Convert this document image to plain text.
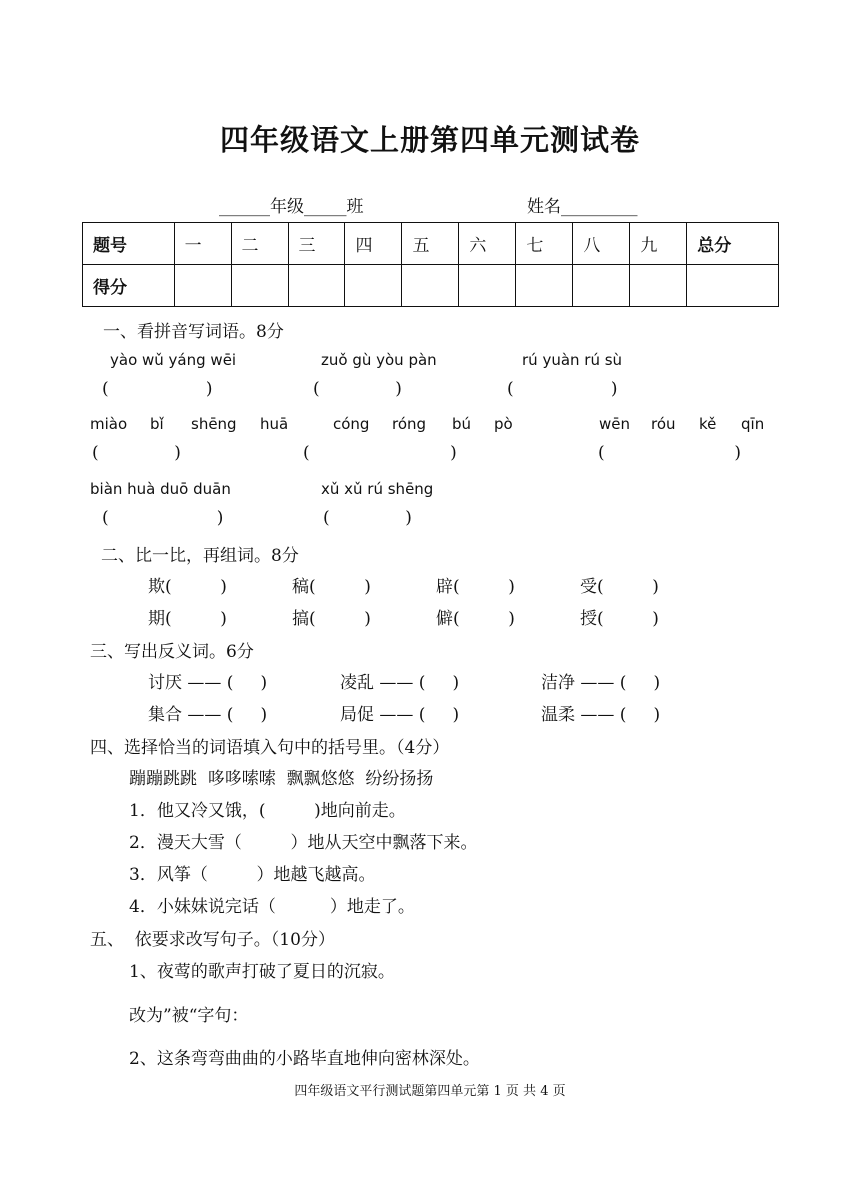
四年级语文上册第四单元测试卷
______年级_____班	姓名_________
题号	一	二	三	四	五	六	七	八	九	总分
得分										
一、看拼音写词语。8分
yào wǔ yáng wēi	zuǒ gù yòu pàn	rú yuàn rú sù
(                  )	(              )	(                  )
miào bǐ shēng huā	cóng róng bú pò	wēn róu kě qīn
(              )	(                          )	(                        )
biàn huà duō duān	xǔ xǔ rú shēng
(                    )	(              )
二、比一比，再组词。8分
欺(         )	稿(         )	辟(         )	受(         )
期(         )	搞(         )	僻(         )	授(         )
三、写出反义词。6分
讨厌 —— (     )	凌乱 —— (     )	洁净 —— (     )
集合 —— (     )	局促 —— (     )	温柔 —— (     )
四、选择恰当的词语填入句中的括号里。（4分）
蹦蹦跳跳  哆哆嗦嗦  飘飘悠悠  纷纷扬扬
1．他又冷又饿，(         )地向前走。
2．漫天大雪（         ）地从天空中飘落下来。
3．风筝（         ）地越飞越高。
4．小妹妹说完话（          ）地走了。
五、  依要求改写句子。（10分）
1、夜莺的歌声打破了夏日的沉寂。
改为”被“字句：
2、这条弯弯曲曲的小路毕直地伸向密林深处。
四年级语文平行测试题第四单元第 1 页 共 4 页
